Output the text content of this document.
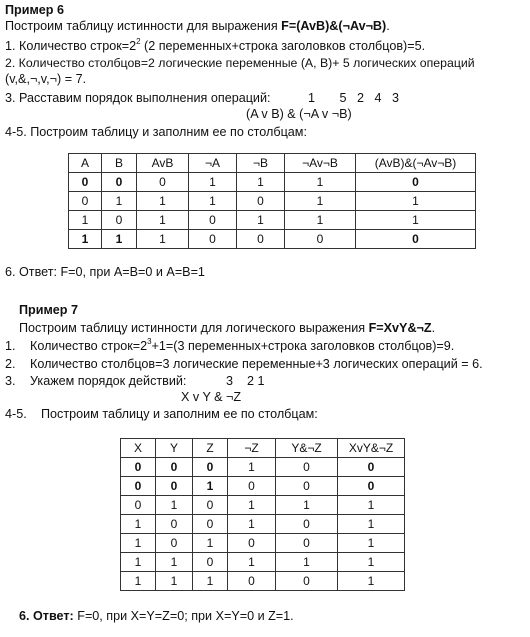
Пример 6
Построим таблицу истинности для выражения F=(AvB)&(¬Av¬B).
1. Количество $строк=2^2$ (2 переменных+строка заголовков столбцов)=5.
2. Количество столбцов=2 логические переменные (А, В)+ 5 логических операций
(v,&,¬,v,¬) = 7.
3. Расставим порядок выполнения операций:	1       5   2   4   3
(A v B) & (¬A v ¬B)
4-5. Построим таблицу и заполним ее по столбцам:
A	B	AvB	¬A	¬B	¬Av¬B	(AvB)&(¬Av¬B)
0	0	0	1	1	1	0
0	1	1	1	0	1	1
1	0	1	0	1	1	1
1	1	1	0	0	0	0
6. Ответ: F=0, при А=В=0 и А=В=1
Пример 7
Построим таблицу истинности для логического выражения F=XvY&¬Z.
1. Количество $строк=2^3+1=(3$ переменных+строка заголовков столбцов)=9.
2. Количество столбцов=3 логические переменные+3 логических операций = 6.
3. Укажем порядок действий:	3    2 1
X v Y & ¬Z
4-5. Построим таблицу и заполним ее по столбцам:
X	Y	Z	¬Z	Y&¬Z	XvY&¬Z
0	0	0	1	0	0
0	0	1	0	0	0
0	1	0	1	1	1
1	0	0	1	0	1
1	0	1	0	0	1
1	1	0	1	1	1
1	1	1	0	0	1
6. Ответ: F=0, при X=Y=Z=0; при X=Y=0 и Z=1.
